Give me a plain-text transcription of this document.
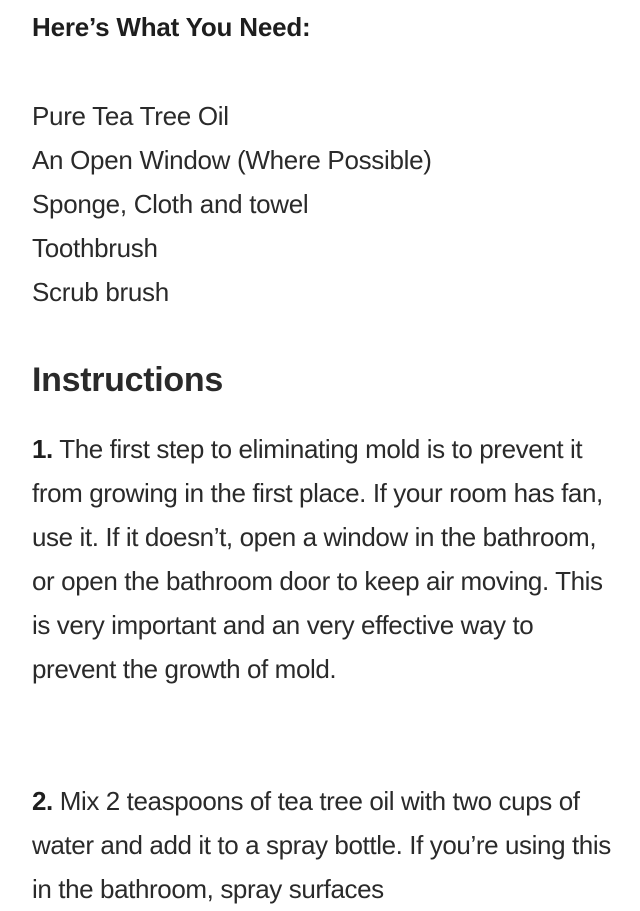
Here’s What You Need:
Pure Tea Tree Oil
An Open Window (Where Possible)
Sponge, Cloth and towel
Toothbrush
Scrub brush
Instructions

1. The first step to eliminating mold is to prevent it from growing in the first place. If your room has fan, use it. If it doesn’t, open a window in the bathroom, or open the bathroom door to keep air moving. This is very important and an very effective way to prevent the growth of mold.

2. Mix 2 teaspoons of tea tree oil with two cups of water and add it to a spray bottle. If you’re using this in the bathroom, spray surfaces
